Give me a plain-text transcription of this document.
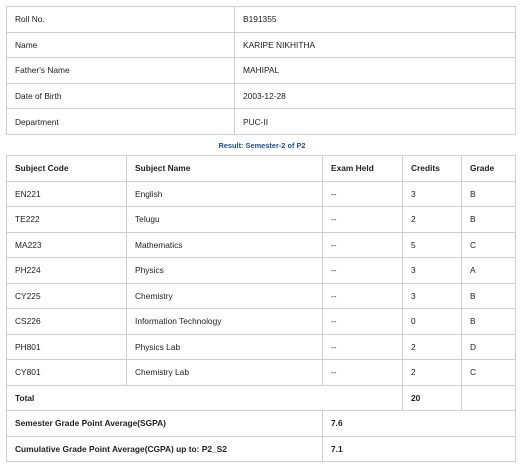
Roll No.	B191355
Name	KARIPE NIKHITHA
Father's Name	MAHIPAL
Date of Birth	2003-12-28
Department	PUC-II
Result: Semester-2 of P2
Subject Code	Subject Name	Exam Held	Credits	Grade
EN221	English	--	3	B
TE222	Telugu	--	2	B
MA223	Mathematics	--	5	C
PH224	Physics	--	3	A
CY225	Chemistry	--	3	B
CS226	Information Technology	--	0	B
PH801	Physics Lab	--	2	D
CY801	Chemistry Lab	--	2	C
Total			20	
Semester Grade Point Average(SGPA)		7.6		
Cumulative Grade Point Average(CGPA) up to: P2_S2		7.1		
